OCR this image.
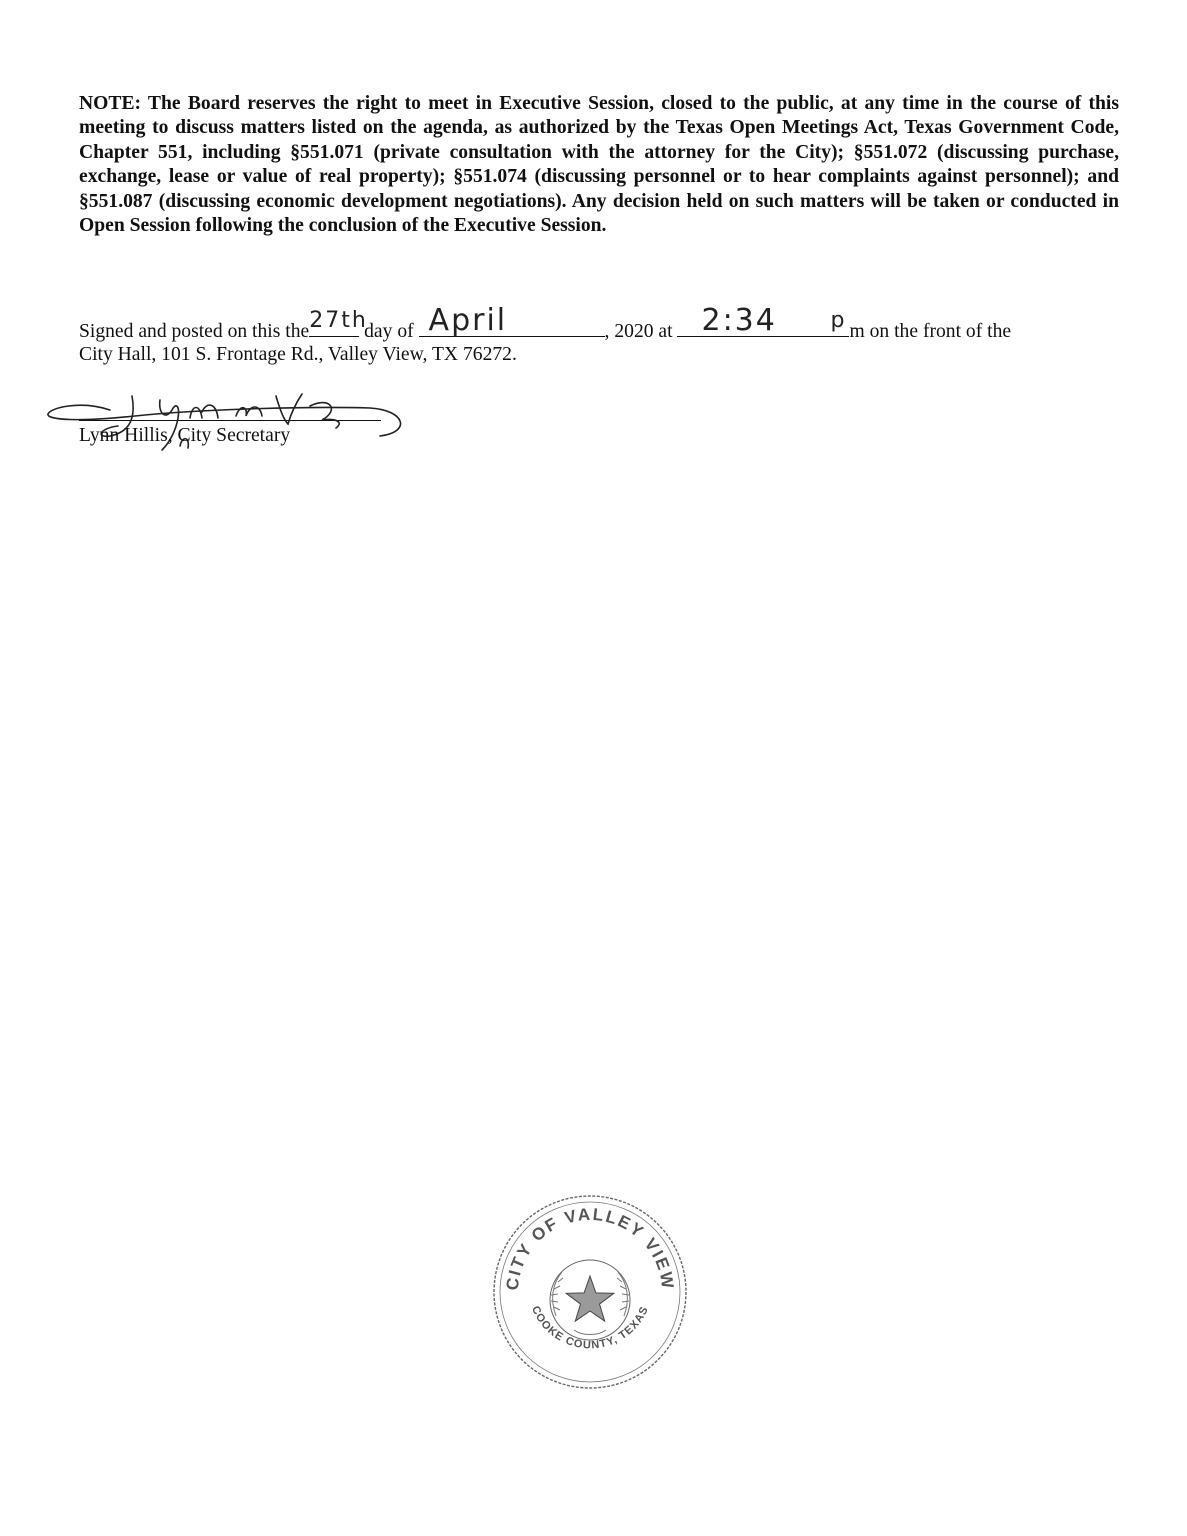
NOTE: The Board reserves the right to meet in Executive Session, closed to the public, at any time in the course of this meeting to discuss matters listed on the agenda, as authorized by the Texas Open Meetings Act, Texas Government Code, Chapter 551, including §551.071 (private consultation with the attorney for the City); §551.072 (discussing purchase, exchange, lease or value of real property); §551.074 (discussing personnel or to hear complaints against personnel); and §551.087 (discussing economic development negotiations). Any decision held on such matters will be taken or conducted in Open Session following the conclusion of the Executive Session.

Signed and posted on this the 27th
day of April	, 2020 at 2:34	p m on the front of the
City Hall, 101 S. Frontage Rd., Valley View, TX 76272.
Lynn Hillis, City Secretary
CITY OF VALLEY VIEW
COOKE COUNTY, TEXAS
